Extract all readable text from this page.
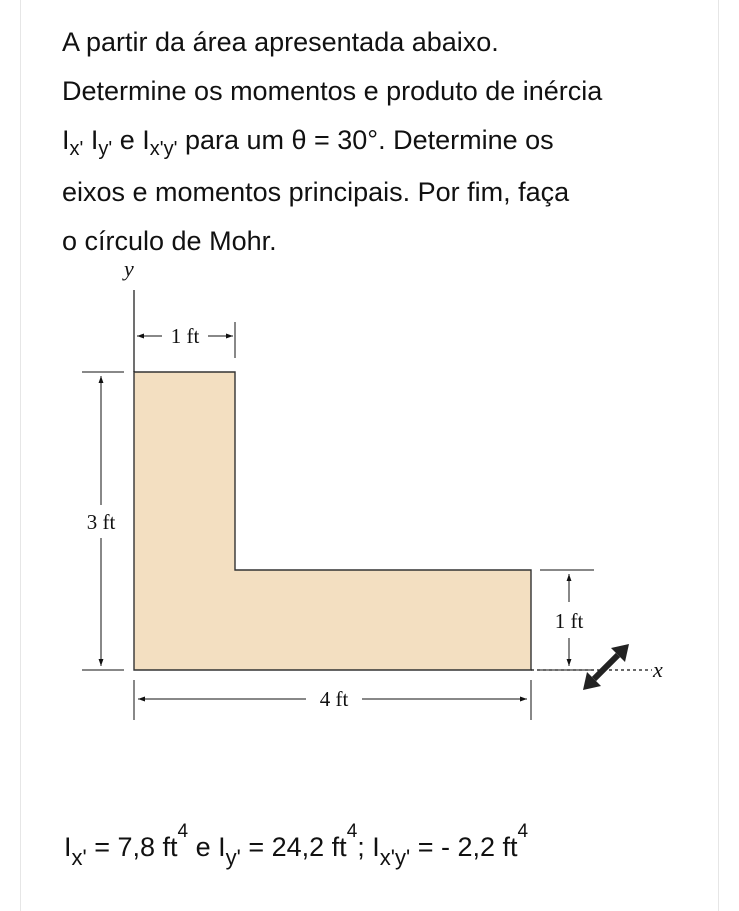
A partir da área apresentada abaixo.
Determine os momentos e produto de inércia
$I_{x'}$ $I_{y'}$ e $I_{x'y'}$ para um θ = 30°. Determine os
eixos e momentos principais. Por fim, faça
o círculo de Mohr.
y
x
1 ft
3 ft
1 ft
4 ft
$I_{x'} = 7,8$ $ft^4$ e $I_{y'} = 24,2$ $ft^4$; $I_{x'y'}$ = - 2,2 $ft^4$
